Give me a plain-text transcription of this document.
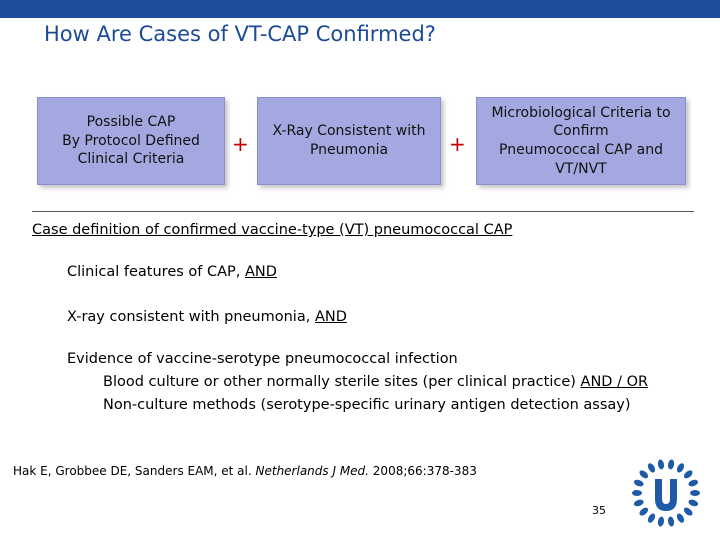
How Are Cases of VT-CAP Confirmed?
Possible CAP
By Protocol Defined
Clinical Criteria
+
X-Ray Consistent with
Pneumonia	+
Microbiological Criteria to
Confirm
Pneumococcal CAP and
VT/NVT
Case definition of confirmed vaccine-type (VT) pneumococcal CAP
Clinical features of CAP, AND
X-ray consistent with pneumonia, AND
Evidence of vaccine-serotype pneumococcal infection
Blood culture or other normally sterile sites (per clinical practice) AND / OR
Non-culture methods (serotype-specific urinary antigen detection assay)
Hak E, Grobbee DE, Sanders EAM, et al. Netherlands J Med. 2008;66:378-383
35
